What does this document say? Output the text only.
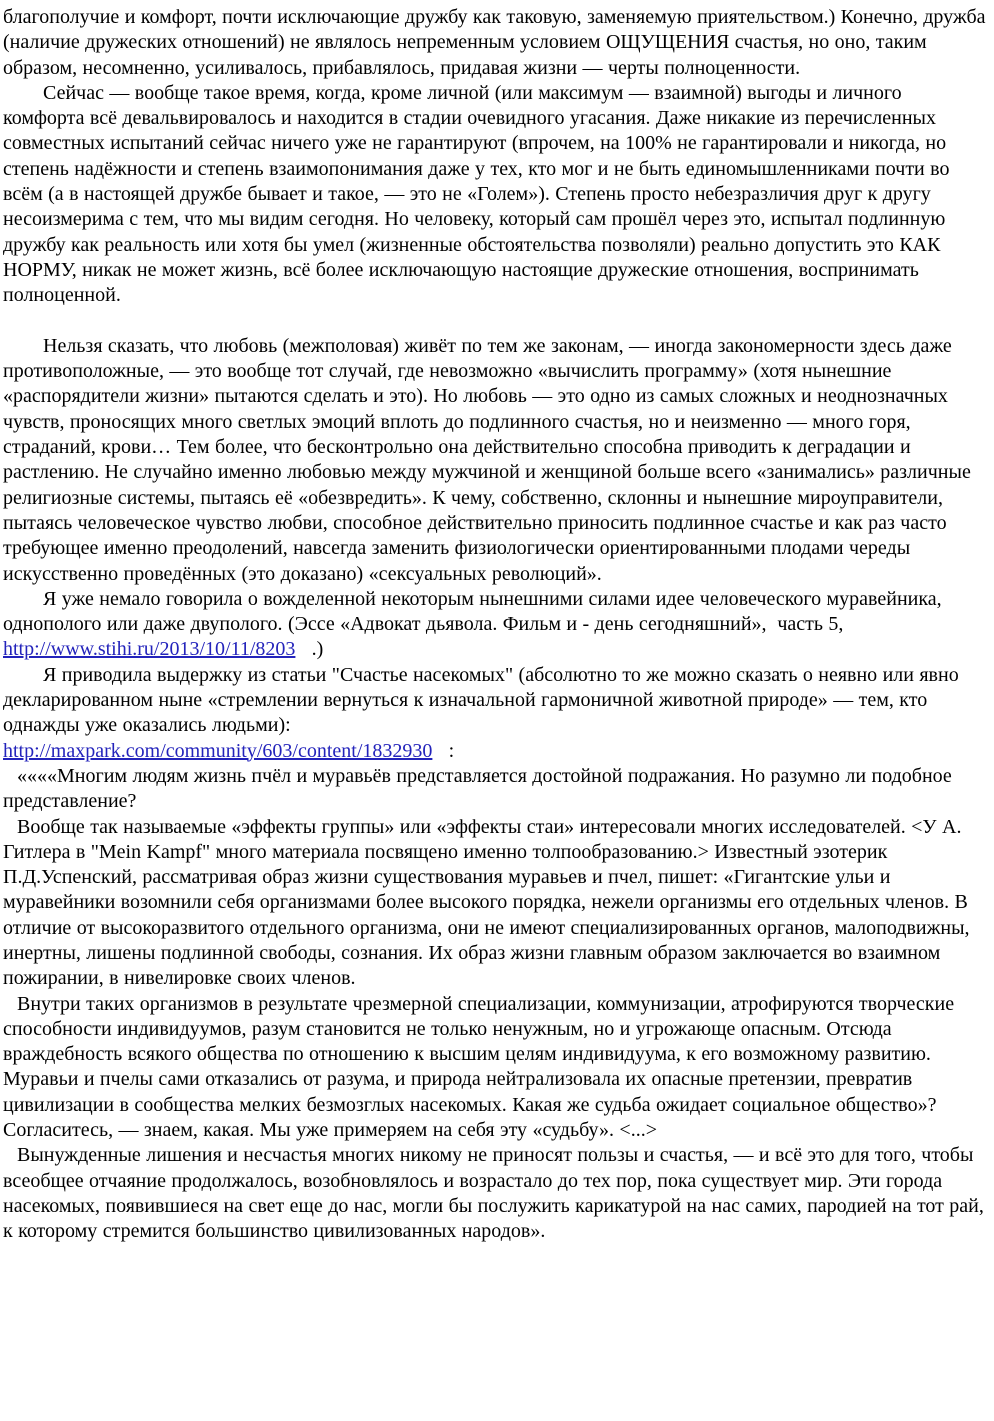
благополучие и комфорт, почти исключающие дружбу как таковую, заменяемую приятельством.) Конечно, дружба (наличие дружеских отношений) не являлось непременным условием ОЩУЩЕНИЯ счастья, но оно, таким образом, несомненно, усиливалось, прибавлялось, придавая жизни — черты полноценности.

Сейчас — вообще такое время, когда, кроме личной (или максимум — взаимной) выгоды и личного комфорта всё девальвировалось и находится в стадии очевидного угасания. Даже никакие из перечисленных совместных испытаний сейчас ничего уже не гарантируют (впрочем, на 100% не гарантировали и никогда, но степень надёжности и степень взаимопонимания даже у тех, кто мог и не быть единомышленниками почти во всём (а в настоящей дружбе бывает и такое, — это не «Голем»). Степень просто небезразличия друг к другу несоизмерима с тем, что мы видим сегодня. Но человеку, который сам прошёл через это, испытал подлинную дружбу как реальность или хотя бы умел (жизненные обстоятельства позволяли) реально допустить это КАК НОРМУ, никак не может жизнь, всё более исключающую настоящие дружеские отношения, воспринимать полноценной.

Нельзя сказать, что любовь (межполовая) живёт по тем же законам, — иногда закономерности здесь даже противоположные, — это вообще тот случай, где невозможно «вычислить программу» (хотя нынешние «распорядители жизни» пытаются сделать и это). Но любовь — это одно из самых сложных и неоднозначных чувств, проносящих много светлых эмоций вплоть до подлинного счастья, но и неизменно — много горя, страданий, крови… Тем более, что бесконтрольно она действительно способна приводить к деградации и растлению. Не случайно именно любовью между мужчиной и женщиной больше всего «занимались» различные религиозные системы, пытаясь её «обезвредить». К чему, собственно, склонны и нынешние мироуправители, пытаясь человеческое чувство любви, способное действительно приносить подлинное счастье и как раз часто требующее именно преодолений, навсегда заменить физиологически ориентированными плодами череды искусственно проведённых (это доказано) «сексуальных революций».

Я уже немало говорила о вожделенной некоторым нынешними силами идее человеческого муравейника, однополого или даже двуполого. (Эссе «Адвокат дьявола. Фильм и - день сегодняшний»,  часть 5,

http://www.stihi.ru/2013/10/11/8203   .)

Я приводила выдержку из статьи "Счастье насекомых" (абсолютно то же можно сказать о неявно или явно декларированном ныне «стремлении вернуться к изначальной гармоничной животной природе» — тем, кто однажды уже оказались людьми):

http://maxpark.com/community/603/content/1832930   :

««««Многим людям жизнь пчёл и муравьёв представляется достойной подражания. Но разумно ли подобное представление?

Вообще так называемые «эффекты группы» или «эффекты стаи» интересовали многих исследователей. <У А. Гитлера в "Mein Kampf" много материала посвящено именно толпообразованию.> Известный эзотерик П.Д.Успенский, рассматривая образ жизни существования муравьев и пчел, пишет: «Гигантские ульи и муравейники возомнили себя организмами более высокого порядка, нежели организмы его отдельных членов. В отличие от высокоразвитого отдельного организма, они не имеют специализированных органов, малоподвижны, инертны, лишены подлинной свободы, сознания. Их образ жизни главным образом заключается во взаимном пожирании, в нивелировке своих членов.

Внутри таких организмов в результате чрезмерной специализации, коммунизации, атрофируются творческие способности индивидуумов, разум становится не только ненужным, но и угрожающе опасным. Отсюда враждебность всякого общества по отношению к высшим целям индивидуума, к его возможному развитию. Муравьи и пчелы сами отказались от разума, и природа нейтрализовала их опасные претензии, превратив цивилизации в сообщества мелких безмозглых насекомых. Какая же судьба ожидает социальное общество»? Согласитесь, — знаем, какая. Мы уже примеряем на себя эту «судьбу». <...>

Вынужденные лишения и несчастья многих никому не приносят пользы и счастья, — и всё это для того, чтобы всеобщее отчаяние продолжалось, возобновлялось и возрастало до тех пор, пока существует мир. Эти города насекомых, появившиеся на свет еще до нас, могли бы послужить карикатурой на нас самих, пародией на тот рай, к которому стремится большинство цивилизованных народов».
